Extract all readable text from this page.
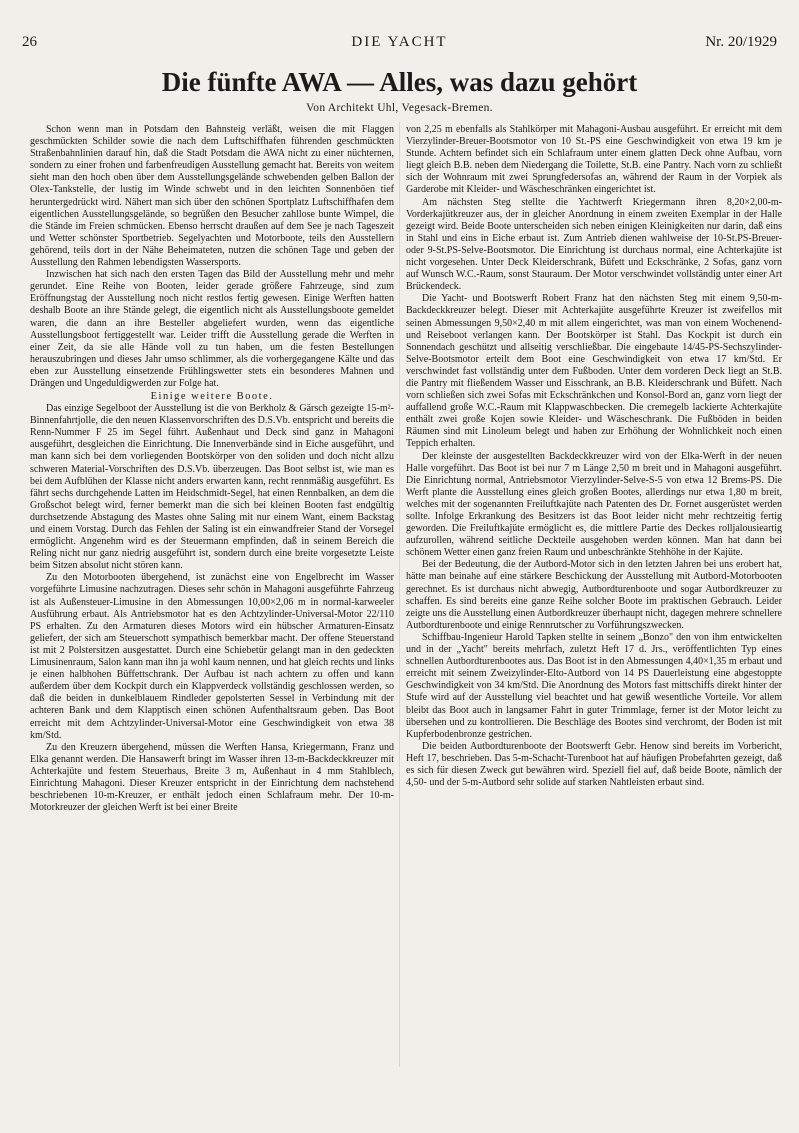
26	DIE YACHT	Nr. 20/1929
Die fünfte AWA — Alles, was dazu gehört
Von Architekt Uhl, Vegesack-Bremen.

Schon wenn man in Potsdam den Bahnsteig verläßt, weisen die mit Flaggen geschmückten Schilder sowie die nach dem Luftschiffhafen führenden geschmückten Straßenbahnlinien darauf hin, daß die Stadt Potsdam die AWA nicht zu einer nüchternen, sondern zu einer frohen und farbenfreudigen Ausstellung gemacht hat. Bereits von weitem sieht man den hoch oben über dem Ausstellungsgelände schwebenden gelben Ballon der Olex-Tankstelle, der lustig im Winde schwebt und in den leichten Sonnenböen tief heruntergedrückt wird. Nähert man sich über den schönen Sportplatz Luftschiffhafen dem eigentlichen Ausstellungsgelände, so begrüßen den Besucher zahllose bunte Wimpel, die die Stände im Freien schmücken. Ebenso herrscht draußen auf dem See je nach Tageszeit und Wetter schönster Sportbetrieb. Segelyachten und Motorboote, teils den Ausstellern gehörend, teils dort in der Nähe Beheimateten, nutzen die schönen Tage und geben der Ausstellung den Rahmen lebendigsten Wassersports.

Inzwischen hat sich nach den ersten Tagen das Bild der Ausstellung mehr und mehr gerundet. Eine Reihe von Booten, leider gerade größere Fahrzeuge, sind zum Eröffnungstag der Ausstellung noch nicht restlos fertig gewesen. Einige Werften hatten deshalb Boote an ihre Stände gelegt, die eigentlich nicht als Ausstellungsboote gemeldet waren, die dann an ihre Besteller abgeliefert wurden, wenn das eigentliche Ausstellungsboot fertiggestellt war. Leider trifft die Ausstellung gerade die Werften in einer Zeit, da sie alle Hände voll zu tun haben, um die festen Bestellungen herauszubringen und dieses Jahr umso schlimmer, als die vorhergegangene Kälte und das eben zur Ausstellung einsetzende Frühlingswetter stets ein besonderes Mahnen und Drängen und Ungeduldigwerden zur Folge hat.

Einige weitere Boote.

Das einzige Segelboot der Ausstellung ist die von Berkholz & Gärsch gezeigte 15-m²-Binnenfahrtjolle, die den neuen Klassenvorschriften des D.S.Vb. entspricht und bereits die Renn-Nummer F 25 im Segel führt. Außenhaut und Deck sind ganz in Mahagoni ausgeführt, desgleichen die Einrichtung. Die Innenverbände sind in Eiche ausgeführt, und man kann sich bei dem vorliegenden Bootskörper von den soliden und doch nicht allzu schweren Material-Vorschriften des D.S.Vb. überzeugen. Das Boot selbst ist, wie man es bei dem Aufblühen der Klasse nicht anders erwarten kann, recht rennmäßig ausgeführt. Es fährt sechs durchgehende Latten im Heidschmidt-Segel, hat einen Rennbalken, an dem die Großschot belegt wird, ferner bemerkt man die sich bei kleinen Booten fast endgültig durchsetzende Abstagung des Mastes ohne Saling mit nur einem Want, einem Backstag und einem Vorstag. Durch das Fehlen der Saling ist ein einwandfreier Stand der Vorsegel ermöglicht. Angenehm wird es der Steuermann empfinden, daß in seinem Bereich die Reling nicht nur ganz niedrig ausgeführt ist, sondern durch eine breite vorgesetzte Leiste beim Sitzen absolut nicht stören kann.

Zu den Motorbooten übergehend, ist zunächst eine von Engelbrecht im Wasser vorgeführte Limusine nachzutragen. Dieses sehr schön in Mahagoni ausgeführte Fahrzeug ist als Außensteuer-Limusine in den Abmessungen 10,00×2,06 m in normal-karweeler Ausführung erbaut. Als Antriebsmotor hat es den Achtzylinder-Universal-Motor 22/110 PS erhalten. Zu den Armaturen dieses Motors wird ein hübscher Armaturen-Einsatz geliefert, der sich am Steuerschott sympathisch bemerkbar macht. Der offene Steuerstand ist mit 2 Polstersitzen ausgestattet. Durch eine Schiebetür gelangt man in den gedeckten Limusinenraum, Salon kann man ihn ja wohl kaum nennen, und hat gleich rechts und links je einen halbhohen Büffettschrank. Der Aufbau ist nach achtern zu offen und kann außerdem über dem Kockpit durch ein Klappverdeck vollständig geschlossen werden, so daß die beiden in dunkelblauem Rindleder gepolsterten Sessel in Verbindung mit der achteren Bank und dem Klapptisch einen schönen Aufenthaltsraum geben. Das Boot erreicht mit dem Achtzylinder-Universal-Motor eine Geschwindigkeit von etwa 38 km/Std.

Zu den Kreuzern übergehend, müssen die Werften Hansa, Kriegermann, Franz und Elka genannt werden. Die Hansawerft bringt im Wasser ihren 13-m-Backdeckkreuzer mit Achterkajüte und festem Steuerhaus, Breite 3 m, Außenhaut in 4 mm Stahlblech, Einrichtung Mahagoni. Dieser Kreuzer entspricht in der Einrichtung dem nachstehend beschriebenen 10-m-Kreuzer, er enthält jedoch einen Schlafraum mehr. Der 10-m-Motorkreuzer der gleichen Werft ist bei einer Breite

von 2,25 m ebenfalls als Stahlkörper mit Mahagoni-Ausbau ausgeführt. Er erreicht mit dem Vierzylinder-Breuer-Bootsmotor von 10 St.-PS eine Geschwindigkeit von etwa 19 km je Stunde. Achtern befindet sich ein Schlafraum unter einem glatten Deck ohne Aufbau, vorn liegt gleich B.B. neben dem Niedergang die Toilette, St.B. eine Pantry. Nach vorn zu schließt sich der Wohnraum mit zwei Sprungfedersofas an, während der Raum in der Vorpiek als Garderobe mit Kleider- und Wäscheschränken eingerichtet ist.

Am nächsten Steg stellte die Yachtwerft Kriegermann ihren 8,20×2,00-m-Vorderkajütkreuzer aus, der in gleicher Anordnung in einem zweiten Exemplar in der Halle gezeigt wird. Beide Boote unterscheiden sich neben einigen Kleinigkeiten nur darin, daß eins in Stahl und eins in Eiche erbaut ist. Zum Antrieb dienen wahlweise der 10-St.PS-Breuer-oder 9-St.PS-Selve-Bootsmotor. Die Einrichtung ist durchaus normal, eine Achterkajüte ist nicht vorgesehen. Unter Deck Kleiderschrank, Büfett und Eckschränke, 2 Sofas, ganz vorn auf Wunsch W.C.-Raum, sonst Stauraum. Der Motor verschwindet vollständig unter einer Art Brückendeck.

Die Yacht- und Bootswerft Robert Franz hat den nächsten Steg mit einem 9,50-m-Backdeckkreuzer belegt. Dieser mit Achterkajüte ausgeführte Kreuzer ist zweifellos mit seinen Abmessungen 9,50×2,40 m mit allem eingerichtet, was man von einem Wochenend- und Reiseboot verlangen kann. Der Bootskörper ist Stahl. Das Kockpit ist durch ein Sonnendach geschützt und allseitig verschließbar. Die eingebaute 14/45-PS-Sechszylinder-Selve-Bootsmotor erteilt dem Boot eine Geschwindigkeit von etwa 17 km/Std. Er verschwindet fast vollständig unter dem Fußboden. Unter dem vorderen Deck liegt an St.B. die Pantry mit fließendem Wasser und Eisschrank, an B.B. Kleiderschrank und Büfett. Nach vorn schließen sich zwei Sofas mit Eckschränkchen und Konsol-Bord an, ganz vorn liegt der auffallend große W.C.-Raum mit Klappwaschbecken. Die cremegelb lackierte Achterkajüte enthält zwei große Kojen sowie Kleider- und Wäscheschrank. Die Fußböden in beiden Räumen sind mit Linoleum belegt und haben zur Erhöhung der Wohnlichkeit noch einen Teppich erhalten.

Der kleinste der ausgestellten Backdeckkreuzer wird von der Elka-Werft in der neuen Halle vorgeführt. Das Boot ist bei nur 7 m Länge 2,50 m breit und in Mahagoni ausgeführt. Die Einrichtung normal, Antriebsmotor Vierzylinder-Selve-S-5 von etwa 12 Brems-PS. Die Werft plante die Ausstellung eines gleich großen Bootes, allerdings nur etwa 1,80 m breit, welches mit der sogenannten Freiluftkajüte nach Patenten des Dr. Fornet ausgerüstet werden sollte. Infolge Erkrankung des Besitzers ist das Boot leider nicht mehr rechtzeitig fertig geworden. Die Freiluftkajüte ermöglicht es, die mittlere Partie des Deckes rolljalousieartig aufzurollen, während seitliche Deckteile ausgehoben werden können. Man hat dann bei schönem Wetter einen ganz freien Raum und unbeschränkte Stehhöhe in der Kajüte.

Bei der Bedeutung, die der Autbord-Motor sich in den letzten Jahren bei uns erobert hat, hätte man beinahe auf eine stärkere Beschickung der Ausstellung mit Autbord-Motorbooten gerechnet. Es ist durchaus nicht abwegig, Autbordturenboote und sogar Autbordkreuzer zu schaffen. Es sind bereits eine ganze Reihe solcher Boote im praktischen Gebrauch. Leider zeigte uns die Ausstellung einen Autbordkreuzer überhaupt nicht, dagegen mehrere schnellere Autbordturenboote und einige Rennrutscher zu Vorführungszwecken.

Schiffbau-Ingenieur Harold Tapken stellte in seinem „Bonzo" den von ihm entwickelten und in der „Yacht" bereits mehrfach, zuletzt Heft 17 d. Jrs., veröffentlichten Typ eines schnellen Autbordturenbootes aus. Das Boot ist in den Abmessungen 4,40×1,35 m erbaut und erreicht mit seinem Zweizylinder-Elto-Autbord von 14 PS Dauerleistung eine abgestoppte Geschwindigkeit von 34 km/Std. Die Anordnung des Motors fast mittschiffs direkt hinter der Stufe wird auf der Ausstellung viel beachtet und hat gewiß wesentliche Vorteile. Vor allem bleibt das Boot auch in langsamer Fahrt in guter Trimmlage, ferner ist der Motor leicht zu übersehen und zu kontrollieren. Die Beschläge des Bootes sind verchromt, der Boden ist mit Kupferbodenbronze gestrichen.

Die beiden Autbordturenboote der Bootswerft Gebr. Henow sind bereits im Vorbericht, Heft 17, beschrieben. Das 5-m-Schacht-Turenboot hat auf häufigen Probefahrten gezeigt, daß es sich für diesen Zweck gut bewähren wird. Speziell fiel auf, daß beide Boote, nämlich der 4,50- und der 5-m-Autbord sehr solide auf starken Nahtleisten erbaut sind.
